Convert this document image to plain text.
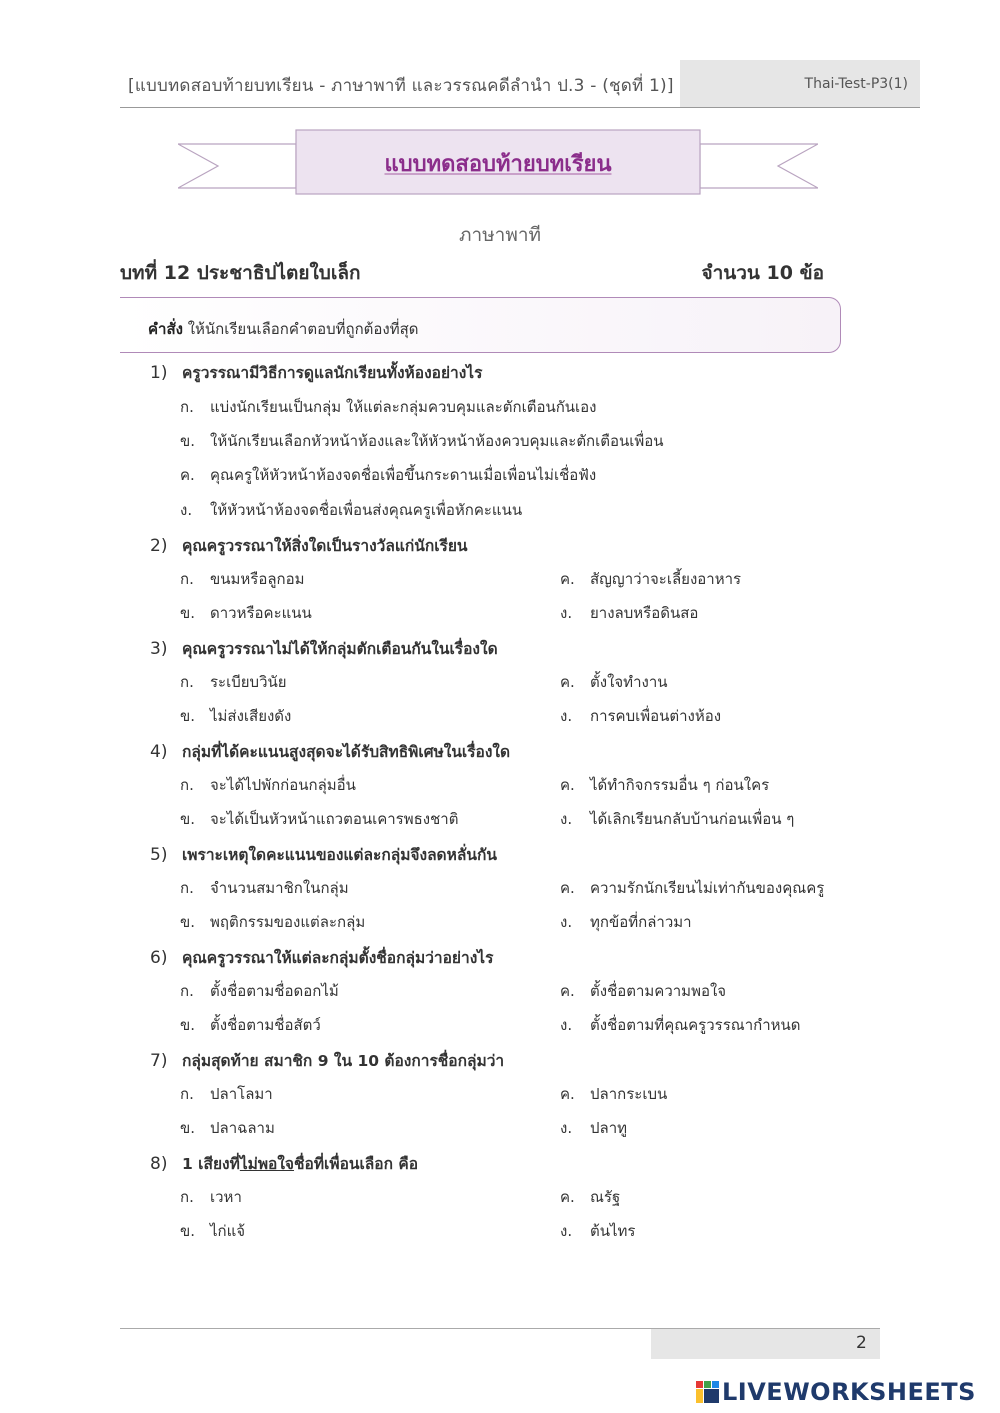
[แบบทดสอบท้ายบทเรียน - ภาษาพาที และวรรณคดีลำนำ ป.3 - (ชุดที่ 1)]	Thai-Test-P3(1)
แบบทดสอบท้ายบทเรียน
ภาษาพาที
บทที่ 12 ประชาธิปไตยใบเล็ก	จำนวน 10 ข้อ
คำสั่ง ให้นักเรียนเลือกคำตอบที่ถูกต้องที่สุด
1) ครูวรรณามีวิธีการดูแลนักเรียนทั้งห้องอย่างไร
ก. แบ่งนักเรียนเป็นกลุ่ม ให้แต่ละกลุ่มควบคุมและตักเตือนกันเอง
ข. ให้นักเรียนเลือกหัวหน้าห้องและให้หัวหน้าห้องควบคุมและตักเตือนเพื่อน
ค. คุณครูให้หัวหน้าห้องจดชื่อเพื่อขึ้นกระดานเมื่อเพื่อนไม่เชื่อฟัง
ง. ให้หัวหน้าห้องจดชื่อเพื่อนส่งคุณครูเพื่อหักคะแนน
2) คุณครูวรรณาให้สิ่งใดเป็นรางวัลแก่นักเรียน
ก. ขนมหรือลูกอม	ค. สัญญาว่าจะเลี้ยงอาหาร
ข. ดาวหรือคะแนน	ง. ยางลบหรือดินสอ
3) คุณครูวรรณาไม่ได้ให้กลุ่มตักเตือนกันในเรื่องใด
ก. ระเบียบวินัย	ค. ตั้งใจทำงาน
ข. ไม่ส่งเสียงดัง	ง. การคบเพื่อนต่างห้อง
4) กลุ่มที่ได้คะแนนสูงสุดจะได้รับสิทธิพิเศษในเรื่องใด
ก. จะได้ไปพักก่อนกลุ่มอื่น	ค. ได้ทำกิจกรรมอื่น ๆ ก่อนใคร
ข. จะได้เป็นหัวหน้าแถวตอนเคารพธงชาติ	ง. ได้เลิกเรียนกลับบ้านก่อนเพื่อน ๆ
5) เพราะเหตุใดคะแนนของแต่ละกลุ่มจึงลดหลั่นกัน
ก. จำนวนสมาชิกในกลุ่ม	ค. ความรักนักเรียนไม่เท่ากันของคุณครู
ข. พฤติกรรมของแต่ละกลุ่ม	ง. ทุกข้อที่กล่าวมา
6) คุณครูวรรณาให้แต่ละกลุ่มตั้งชื่อกลุ่มว่าอย่างไร
ก. ตั้งชื่อตามชื่อดอกไม้	ค. ตั้งชื่อตามความพอใจ
ข. ตั้งชื่อตามชื่อสัตว์	ง. ตั้งชื่อตามที่คุณครูวรรณากำหนด
7) กลุ่มสุดท้าย สมาชิก 9 ใน 10 ต้องการชื่อกลุ่มว่า
ก. ปลาโลมา	ค. ปลากระเบน
ข. ปลาฉลาม	ง. ปลาทู
8) 1 เสียงที่ไม่พอใจชื่อที่เพื่อนเลือก คือ
ก. เวหา	ค. ณรัฐ
ข. ไก่แจ้	ง. ต้นไทร
2
LIVEWORKSHEETS
